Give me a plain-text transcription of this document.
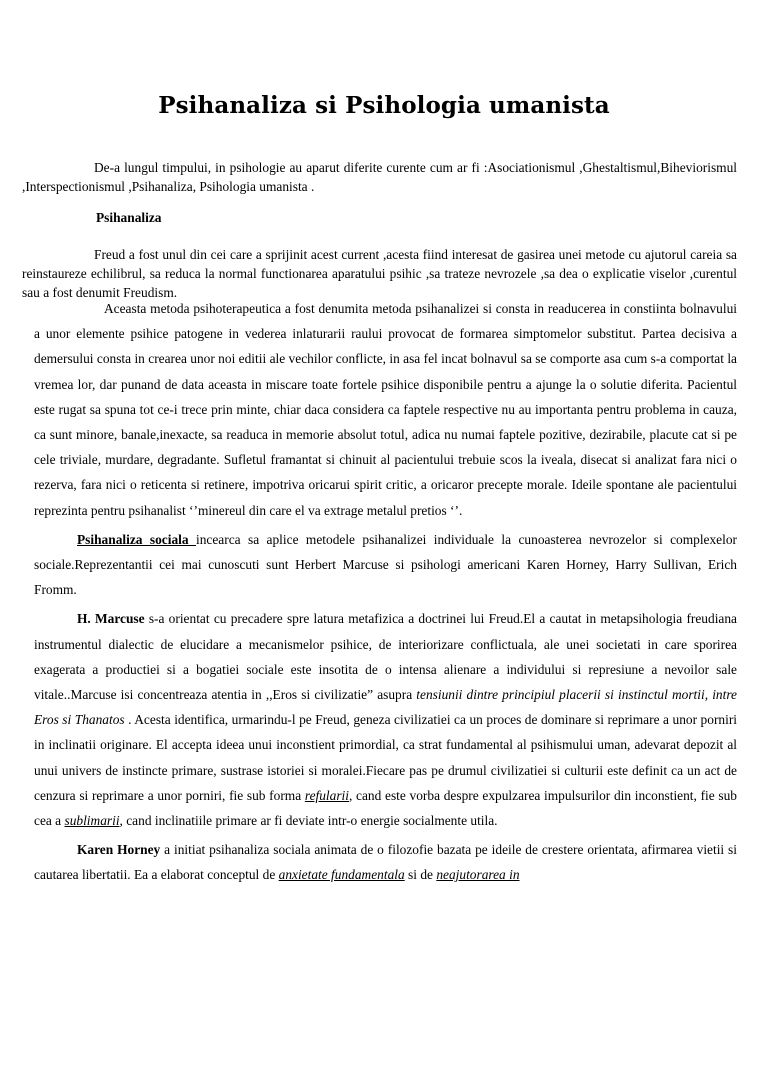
Psihanaliza si Psihologia umanista

De-a lungul timpului, in psihologie au aparut diferite curente cum ar fi :Asociationismul ,Ghestaltismul,Biheviorismul ,Interspectionismul ,Psihanaliza, Psihologia umanista .

Psihanaliza

Freud a fost unul din cei care a sprijinit acest current ,acesta fiind interesat de gasirea unei metode cu ajutorul careia sa reinstaureze echilibrul, sa reduca la normal functionarea aparatului psihic ,sa trateze nevrozele ,sa dea o explicatie viselor ,curentul sau a fost denumit Freudism.

Aceasta metoda psihoterapeutica a fost denumita metoda psihanalizei si consta in readucerea in constiinta bolnavului a unor elemente psihice patogene in vederea inlaturarii raului provocat de formarea simptomelor substitut. Partea decisiva a demersului consta in crearea unor noi editii ale vechilor conflicte, in asa fel incat bolnavul sa se comporte asa cum s-a comportat la vremea lor, dar punand de data aceasta in miscare toate fortele psihice disponibile pentru a ajunge la o solutie diferita. Pacientul este rugat sa spuna tot ce-i trece prin minte, chiar daca considera ca faptele respective nu au importanta pentru problema in cauza, ca sunt minore, banale,inexacte, sa readuca in memorie absolut totul, adica nu numai faptele pozitive, dezirabile, placute cat si pe cele triviale, murdare, degradante. Sufletul framantat si chinuit al pacientului trebuie scos la iveala, disecat si analizat fara nici o rezerva, fara nici o reticenta si retinere, impotriva oricarui spirit critic, a oricaror precepte morale. Ideile spontane ale pacientului reprezinta pentru psihanalist ‘’minereul din care el va extrage metalul pretios ‘’.

Psihanaliza sociala incearca sa aplice metodele psihanalizei individuale la cunoasterea nevrozelor si complexelor sociale.Reprezentantii cei mai cunoscuti sunt Herbert Marcuse si psihologi americani Karen Horney, Harry Sullivan, Erich Fromm.

H. Marcuse s-a orientat cu precadere spre latura metafizica a doctrinei lui Freud.El a cautat in metapsihologia freudiana instrumentul dialectic de elucidare a mecanismelor psihice, de interiorizare conflictuala, ale unei societati in care sporirea exagerata a productiei si a bogatiei sociale este insotita de o intensa alienare a individului si represiune a nevoilor sale vitale..Marcuse isi concentreaza atentia in ,,Eros si civilizatie” asupra tensiunii dintre principiul placerii si instinctul mortii, intre Eros si Thanatos . Acesta identifica, urmarindu-l pe Freud, geneza civilizatiei ca un proces de dominare si reprimare a unor porniri in inclinatii originare. El accepta ideea unui inconstient primordial, ca strat fundamental al psihismului uman, adevarat depozit al unui univers de instincte primare, sustrase istoriei si moralei.Fiecare pas pe drumul civilizatiei si culturii este definit ca un act de cenzura si reprimare a unor porniri, fie sub forma refularii, cand este vorba despre expulzarea impulsurilor din inconstient, fie sub cea a sublimarii, cand inclinatiile primare ar fi deviate intr-o energie socialmente utila.

Karen Horney a initiat psihanaliza sociala animata de o filozofie bazata pe ideile de crestere orientata, afirmarea vietii si cautarea libertatii. Ea a elaborat conceptul de anxietate fundamentala si de neajutorarea in
